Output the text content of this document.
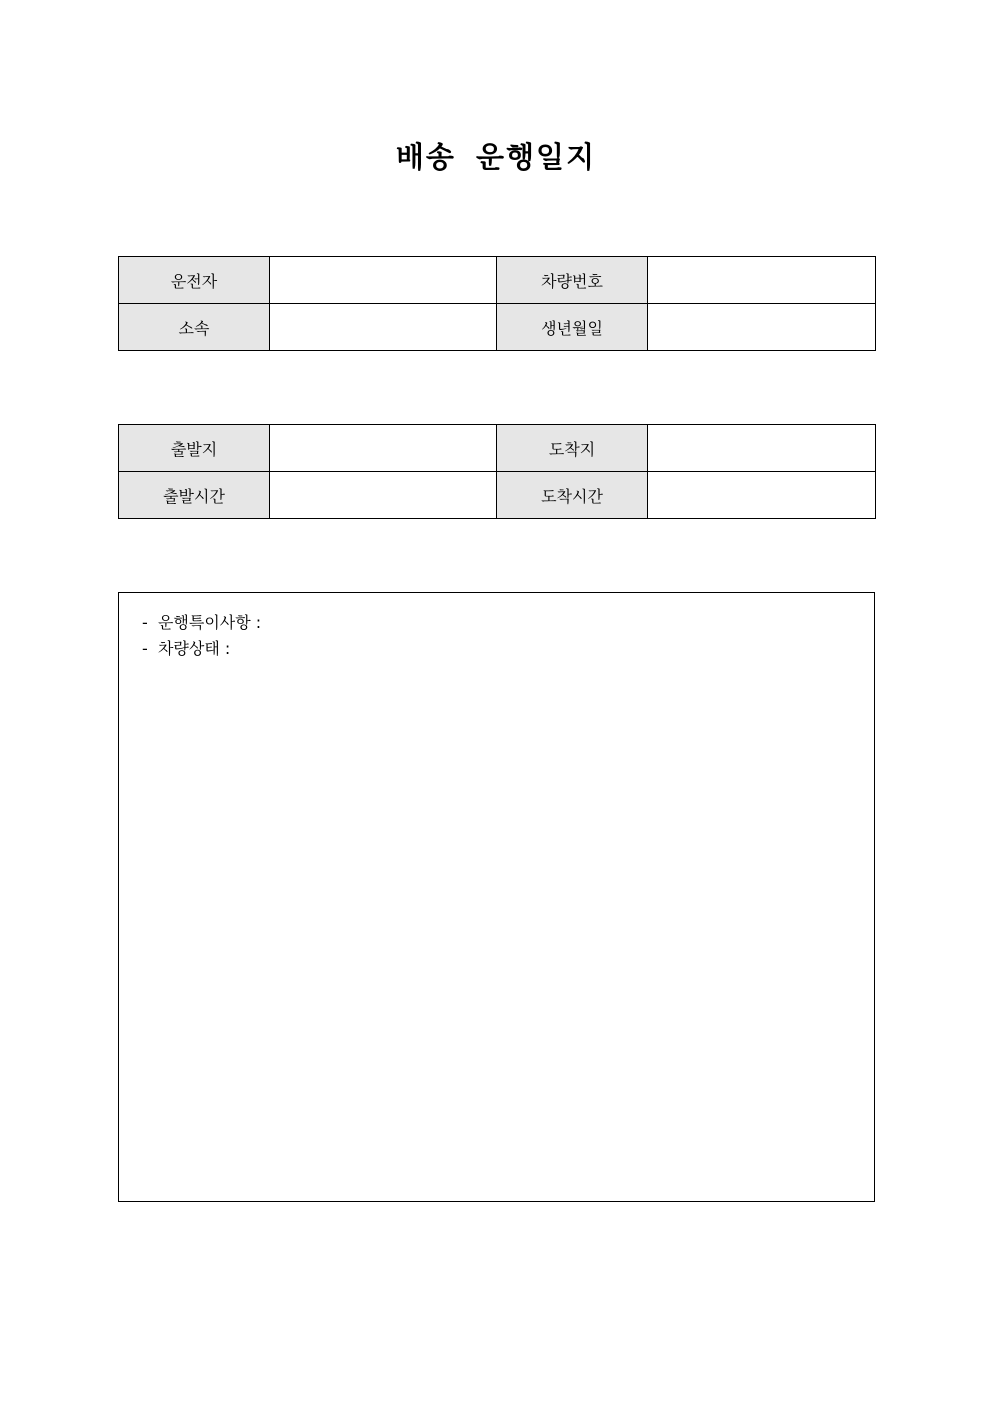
배송 운행일지
운전자		차량번호	
소속		생년월일	
출발지		도착지	
출발시간		도착시간	
-  운행특이사항 :
-  차량상태 :
